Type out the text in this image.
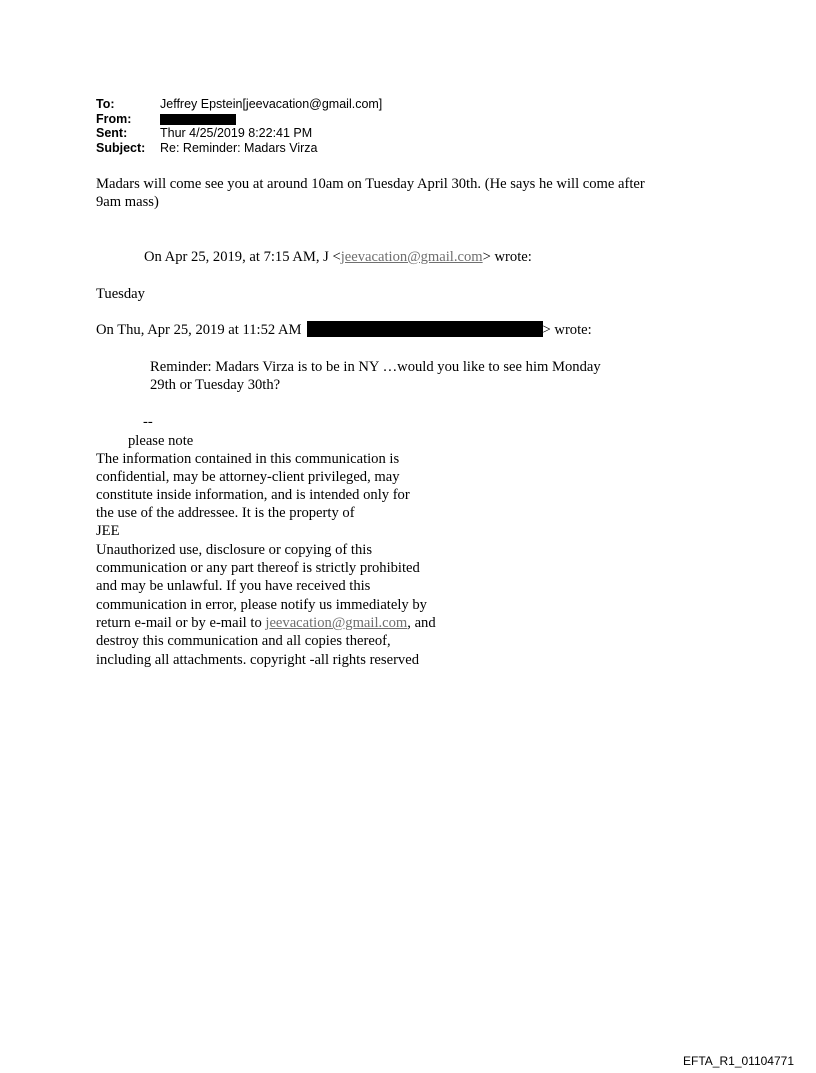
To:	Jeffrey Epstein[jeevacation@gmail.com]
From:
Sent:	Thur 4/25/2019 8:22:41 PM
Subject:	Re: Reminder: Madars Virza
Madars will come see you at around 10am on Tuesday April 30th. (He says he will come after
9am mass)
On Apr 25, 2019, at 7:15 AM, J <jeevacation@gmail.com> wrote:
Tuesday
On Thu, Apr 25, 2019 at 11:52 AM	> wrote:
Reminder: Madars Virza is to be in NY …would you like to see him Monday
29th or Tuesday 30th?
--
please note
The information contained in this communication is
confidential, may be attorney-client privileged, may
constitute inside information, and is intended only for
the use of the addressee. It is the property of
JEE
Unauthorized use, disclosure or copying of this
communication or any part thereof is strictly prohibited
and may be unlawful. If you have received this
communication in error, please notify us immediately by
return e-mail or by e-mail to jeevacation@gmail.com, and
destroy this communication and all copies thereof,
including all attachments. copyright -all rights reserved
EFTA_R1_01104771
